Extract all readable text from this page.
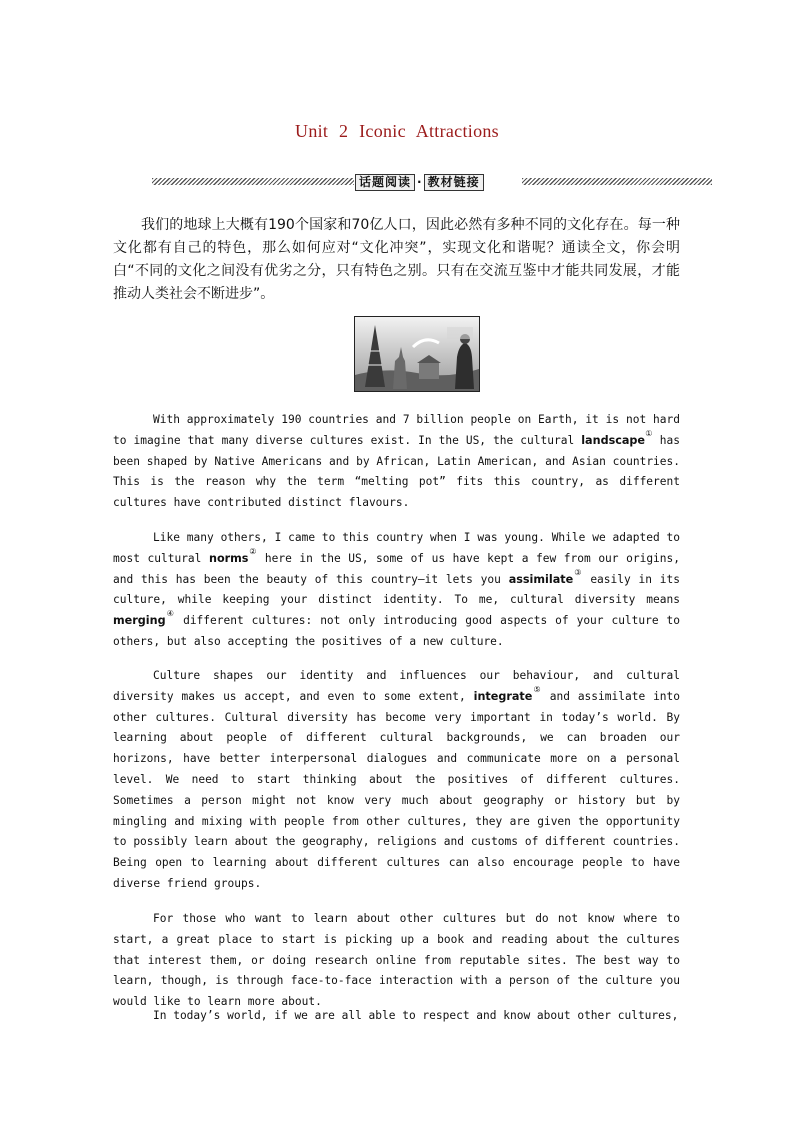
Unit 2 Iconic Attractions
话题阅读 · 教材链接

我们的地球上大概有190个国家和70亿人口，因此必然有多种不同的文化存在。每一种文化都有自己的特色，那么如何应对“文化冲突”，实现文化和谐呢？通读全文，你会明白“不同的文化之间没有优劣之分，只有特色之别。只有在交流互鉴中才能共同发展，才能推动人类社会不断进步”。

With approximately 190 countries and 7 billion people on Earth, it is not hard to imagine that many diverse cultures exist. In the US, the cultural landscape① has been shaped by Native Americans and by African, Latin American, and Asian countries. This is the reason why the term “melting pot” fits this country, as different cultures have contributed distinct flavours.

Like many others, I came to this country when I was young. While we adapted to most cultural norms② here in the US, some of us have kept a few from our origins, and this has been the beauty of this country—it lets you assimilate③ easily in its culture, while keeping your distinct identity. To me, cultural diversity means merging④ different cultures: not only introducing good aspects of your culture to others, but also accepting the positives of a new culture.

Culture shapes our identity and influences our behaviour, and cultural diversity makes us accept, and even to some extent, integrate⑤ and assimilate into other cultures. Cultural diversity has become very important in today’s world. By learning about people of different cultural backgrounds, we can broaden our horizons, have better interpersonal dialogues and communicate more on a personal level. We need to start thinking about the positives of different cultures. Sometimes a person might not know very much about geography or history but by mingling and mixing with people from other cultures, they are given the opportunity to possibly learn about the geography, religions and customs of different countries. Being open to learning about different cultures can also encourage people to have diverse friend groups.

For those who want to learn about other cultures but do not know where to start, a great place to start is picking up a book and reading about the cultures that interest them, or doing research online from reputable sites. The best way to learn, though, is through face-to-face interaction with a person of the culture you would like to learn more about.

In today’s world, if we are all able to respect and know about other cultures,
